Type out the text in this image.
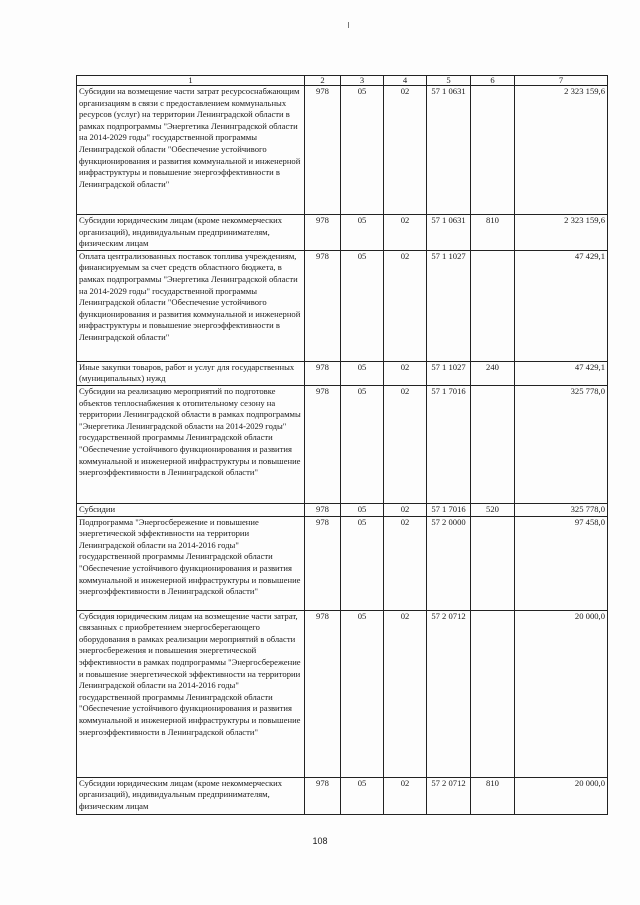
1	2	3	4	5	6	7
Субсидии на возмещение части затрат ресурсоснабжающим организациям в связи с предоставлением коммунальных ресурсов (услуг) на территории Ленинградской области в рамках подпрограммы "Энергетика Ленинградской области на 2014-2029 годы" государственной программы Ленинградской области "Обеспечение устойчивого функционирования и развития коммунальной и инженерной инфраструктуры и повышение энергоэффективности в Ленинградской области"	978	05	02	57 1 0631		2 323 159,6
Субсидии юридическим лицам (кроме некоммерческих организаций), индивидуальным предпринимателям, физическим лицам	978	05	02	57 1 0631	810	2 323 159,6
Оплата централизованных поставок топлива учреждениям, финансируемым за счет средств областного бюджета, в рамках подпрограммы "Энергетика Ленинградской области на 2014-2029 годы" государственной программы Ленинградской области "Обеспечение устойчивого функционирования и развития коммунальной и инженерной инфраструктуры и повышение энергоэффективности в Ленинградской области"	978	05	02	57 1 1027		47 429,1
Иные закупки товаров, работ и услуг для государственных (муниципальных) нужд	978	05	02	57 1 1027	240	47 429,1
Субсидии на реализацию мероприятий по подготовке объектов теплоснабжения к отопительному сезону на территории Ленинградской области в рамках подпрограммы "Энергетика Ленинградской области на 2014-2029 годы" государственной программы Ленинградской области "Обеспечение устойчивого функционирования и развития коммунальной и инженерной инфраструктуры и повышение энергоэффективности в Ленинградской области"	978	05	02	57 1 7016		325 778,0
Субсидии	978	05	02	57 1 7016	520	325 778,0
Подпрограмма "Энергосбережение и повышение энергетической эффективности на территории Ленинградской области на 2014-2016 годы" государственной программы Ленинградской области "Обеспечение устойчивого функционирования и развития коммунальной и инженерной инфраструктуры и повышение энергоэффективности в Ленинградской области"	978	05	02	57 2 0000		97 458,0
Субсидия юридическим лицам на возмещение части затрат, связанных с приобретением энергосберегающего оборудования в рамках реализации мероприятий в области энергосбережения и повышения энергетической эффективности в рамках подпрограммы "Энергосбережение и повышение энергетической эффективности на территории Ленинградской области на 2014-2016 годы" государственной программы Ленинградской области "Обеспечение устойчивого функционирования и развития коммунальной и инженерной инфраструктуры и повышение энергоэффективности в Ленинградской области"	978	05	02	57 2 0712		20 000,0
Субсидии юридическим лицам (кроме некоммерческих организаций), индивидуальным предпринимателям, физическим лицам	978	05	02	57 2 0712	810	20 000,0
108
